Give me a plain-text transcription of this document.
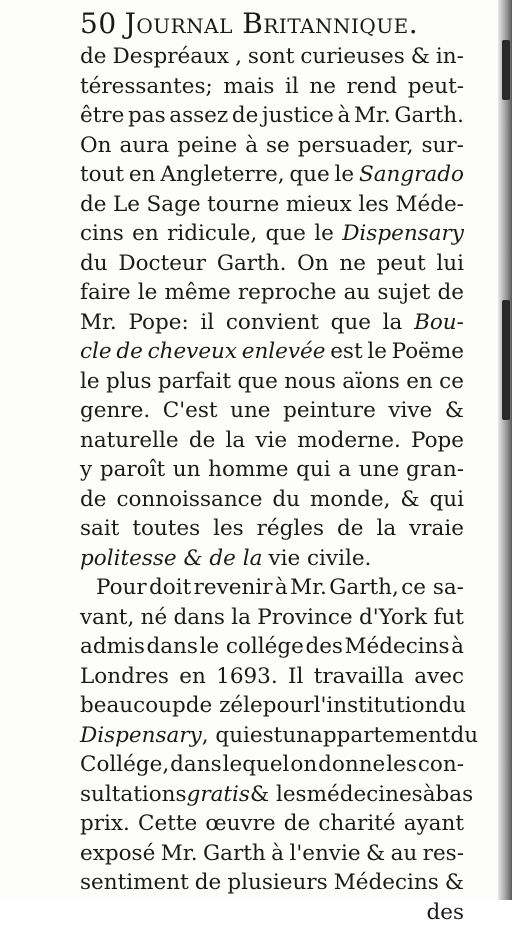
50 Journal Britannique.
de Despréaux , sont curieuses & in-
téressantes; mais il ne rend peut-
être pas assez de justice à Mr. Garth.
On aura peine à se persuader, sur-
tout en Angleterre, que le Sangrado
de Le Sage tourne mieux les Méde-
cins en ridicule, que le Dispensary
du Docteur Garth. On ne peut lui
faire le même reproche au sujet de
Mr. Pope: il convient que la Bou-
cle de cheveux enlevée est le Poëme
le plus parfait que nous aïons en ce
genre. C'est une peinture vive &
naturelle de la vie moderne. Pope
y paroît un homme qui a une gran-
de connoissance du monde, & qui
sait toutes les régles de la vraie
politesse & de la vie civile.
Pour doit revenir à Mr. Garth, ce sa-
vant, né dans la Province d'York fut
admis dans le collége des Médecins à
Londres en 1693. Il travailla avec
beaucoup de zéle pour l'institution du
Dispensary , qui est un appartement du
Collége, dans lequel on donne les con-
sultations gratis & les médecines à bas
prix. Cette œuvre de charité ayant
exposé Mr. Garth à l'envie & au res-
sentiment de plusieurs Médecins &
des
